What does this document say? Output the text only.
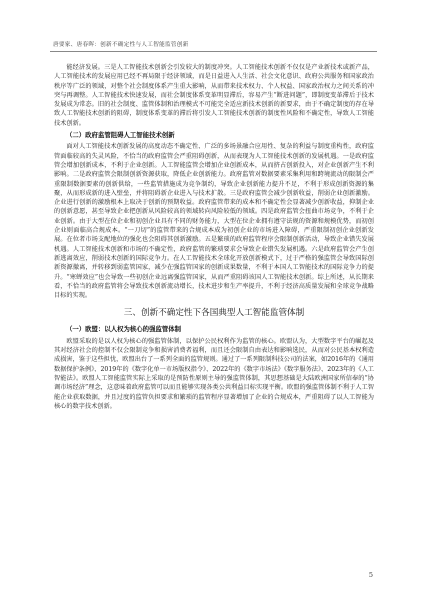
唐要家、唐春晖：创新不确定性与人工智能监管创新

能经济发展。三是人工智能技术创新会引发较大的制度冲突。人工智能技术创新不仅仅是产业新技术或新产品，人工智能技术的发展应用已经不再局限于经济领域，而是日益进入人生活、社会文化意识、政府公共服务和国家政治秩序等广泛的领域，对整个社会制度体系产生重大影响，从而带来技术权力、个人权益、国家政治权力之间关系的冲突与再调整。人工智能技术快速发展，而社会制度体系变革明显滞后，容易产生“断进问题”，即制度变革滞后于技术发展成为常态。旧的社会制度、监管体制和治理模式不可能完全适应新技术创新的新要求，由于不确定制度的存在导致人工智能技术创新的阻碍，制度体系变革的滞后将引发人工智能技术创新的制度性风险和不确定性，导致人工智能技术创新。

（二）政府监管阻碍人工智能技术创新

面对人工智能技术创新发展的高度动态不确定性、广泛的多场景融合应用性、复杂的利益与制度重构性，政府监管面临较高的失灵风险，不恰当的政府监管会严重阻碍创新，从而表现为人工智能技术创新的发展机遇。一是政府监管会增加创新成本，不利于企业创新。人工智能监管会增加企业创新成本，从而挤占创新投入，对企业创新产生不利影响。二是政府监管会限制创新资源获取，降低企业创新能力。政府监管对数据要素采集利用和跨境流动的限制会严重限制数据要素的创新供给，一些监管措施成为竞争制约，导致企业创新能力提升不足，不利于形成创新资源的集聚，从而形成新的进入壁垒，并将阻碍新企业进入与技术扩散。三是政府监管会减少创新收益，削弱企业创新激励。企业进行创新的激励根本上取决于创新的预期收益。政府监管带来的成本和不确定性会显著减少创新收益，抑制企业的创新意愿，甚至导致企业把创新从风险较高的领域转向风险较低的领域。四是政府监管会扭曲市场竞争，不利于企业创新。由于大型在位企业和初创企业具有不同的财务能力，大型在位企业拥有遵守法规的资源和规模优势，而初创企业则面临高合规成本。“一刀切”的监管带来的合规成本成为初创企业的市场进入障碍，严重限制初创企业创新发展。在位者市场支配地位的强化也会阻碍其创新激励。五是繁琐的政府监管程序会限制创新活动，导致企业错失发展机遇。人工智能技术创新和市场的不确定性，政府监管的繁琐要求会导致企业错失发展机遇。六是政府监管会产生创新逃离效应，削弱技术创新的国际竞争力。在人工智能技术全球化开放创新模式下，过于严格的强监管会导致国际创新资源撤离，并转移到弱监管国家，减少在强监管国家的创新成果数量，不利于本国人工智能技术的国际竞争力的提升。“寒蝉效应”也会导致一些初创企业远离强监管国家，从而严重阻碍该国人工智能技术创新。综上所述，从长期来看，不恰当的政府监管将会导致技术创新流动增长，技术进步和生产率提升，不利于经济高质量发展和全球竞争战略目标的实现。

三、创新不确定性下各国典型人工智能监管体制
（一）欧盟：以人权为核心的强监管体制

欧盟采取的是以人权为核心的强监管体制，以保护公民权利作为监管的核心。欧盟认为，大型数字平台的崛起及其对经济社会的控制不仅会限制竞争和损害消费者福利，而且还会限制自由表达和影响选民，从而对公民基本权利造成损害，鉴于这些担忧，欧盟出台了一系列全面的监管规则。通过了一系列限制科技公司的法案，如2016年的《通用数据保护条例》、2019年的《数字化单一市场版权指令》、2022年的《数字市场法》《数字服务法》、2023年的《人工智能法》。欧盟人工智能监管实际上采取的是预防性原则主导的强监管体制，其思想基础是大陆欧洲国家所信奉的“协调市场经济”理念，这意味着政府监管可以而且能够实现各类公共利益目标实现平衡。欧盟的强监管体制不利于人工智能企业获取数据，并且过度的监管负担要求和繁琐的监管程序显著增加了企业的合规成本，严重阻碍了以人工智能为核心的数字技术创新。

5
